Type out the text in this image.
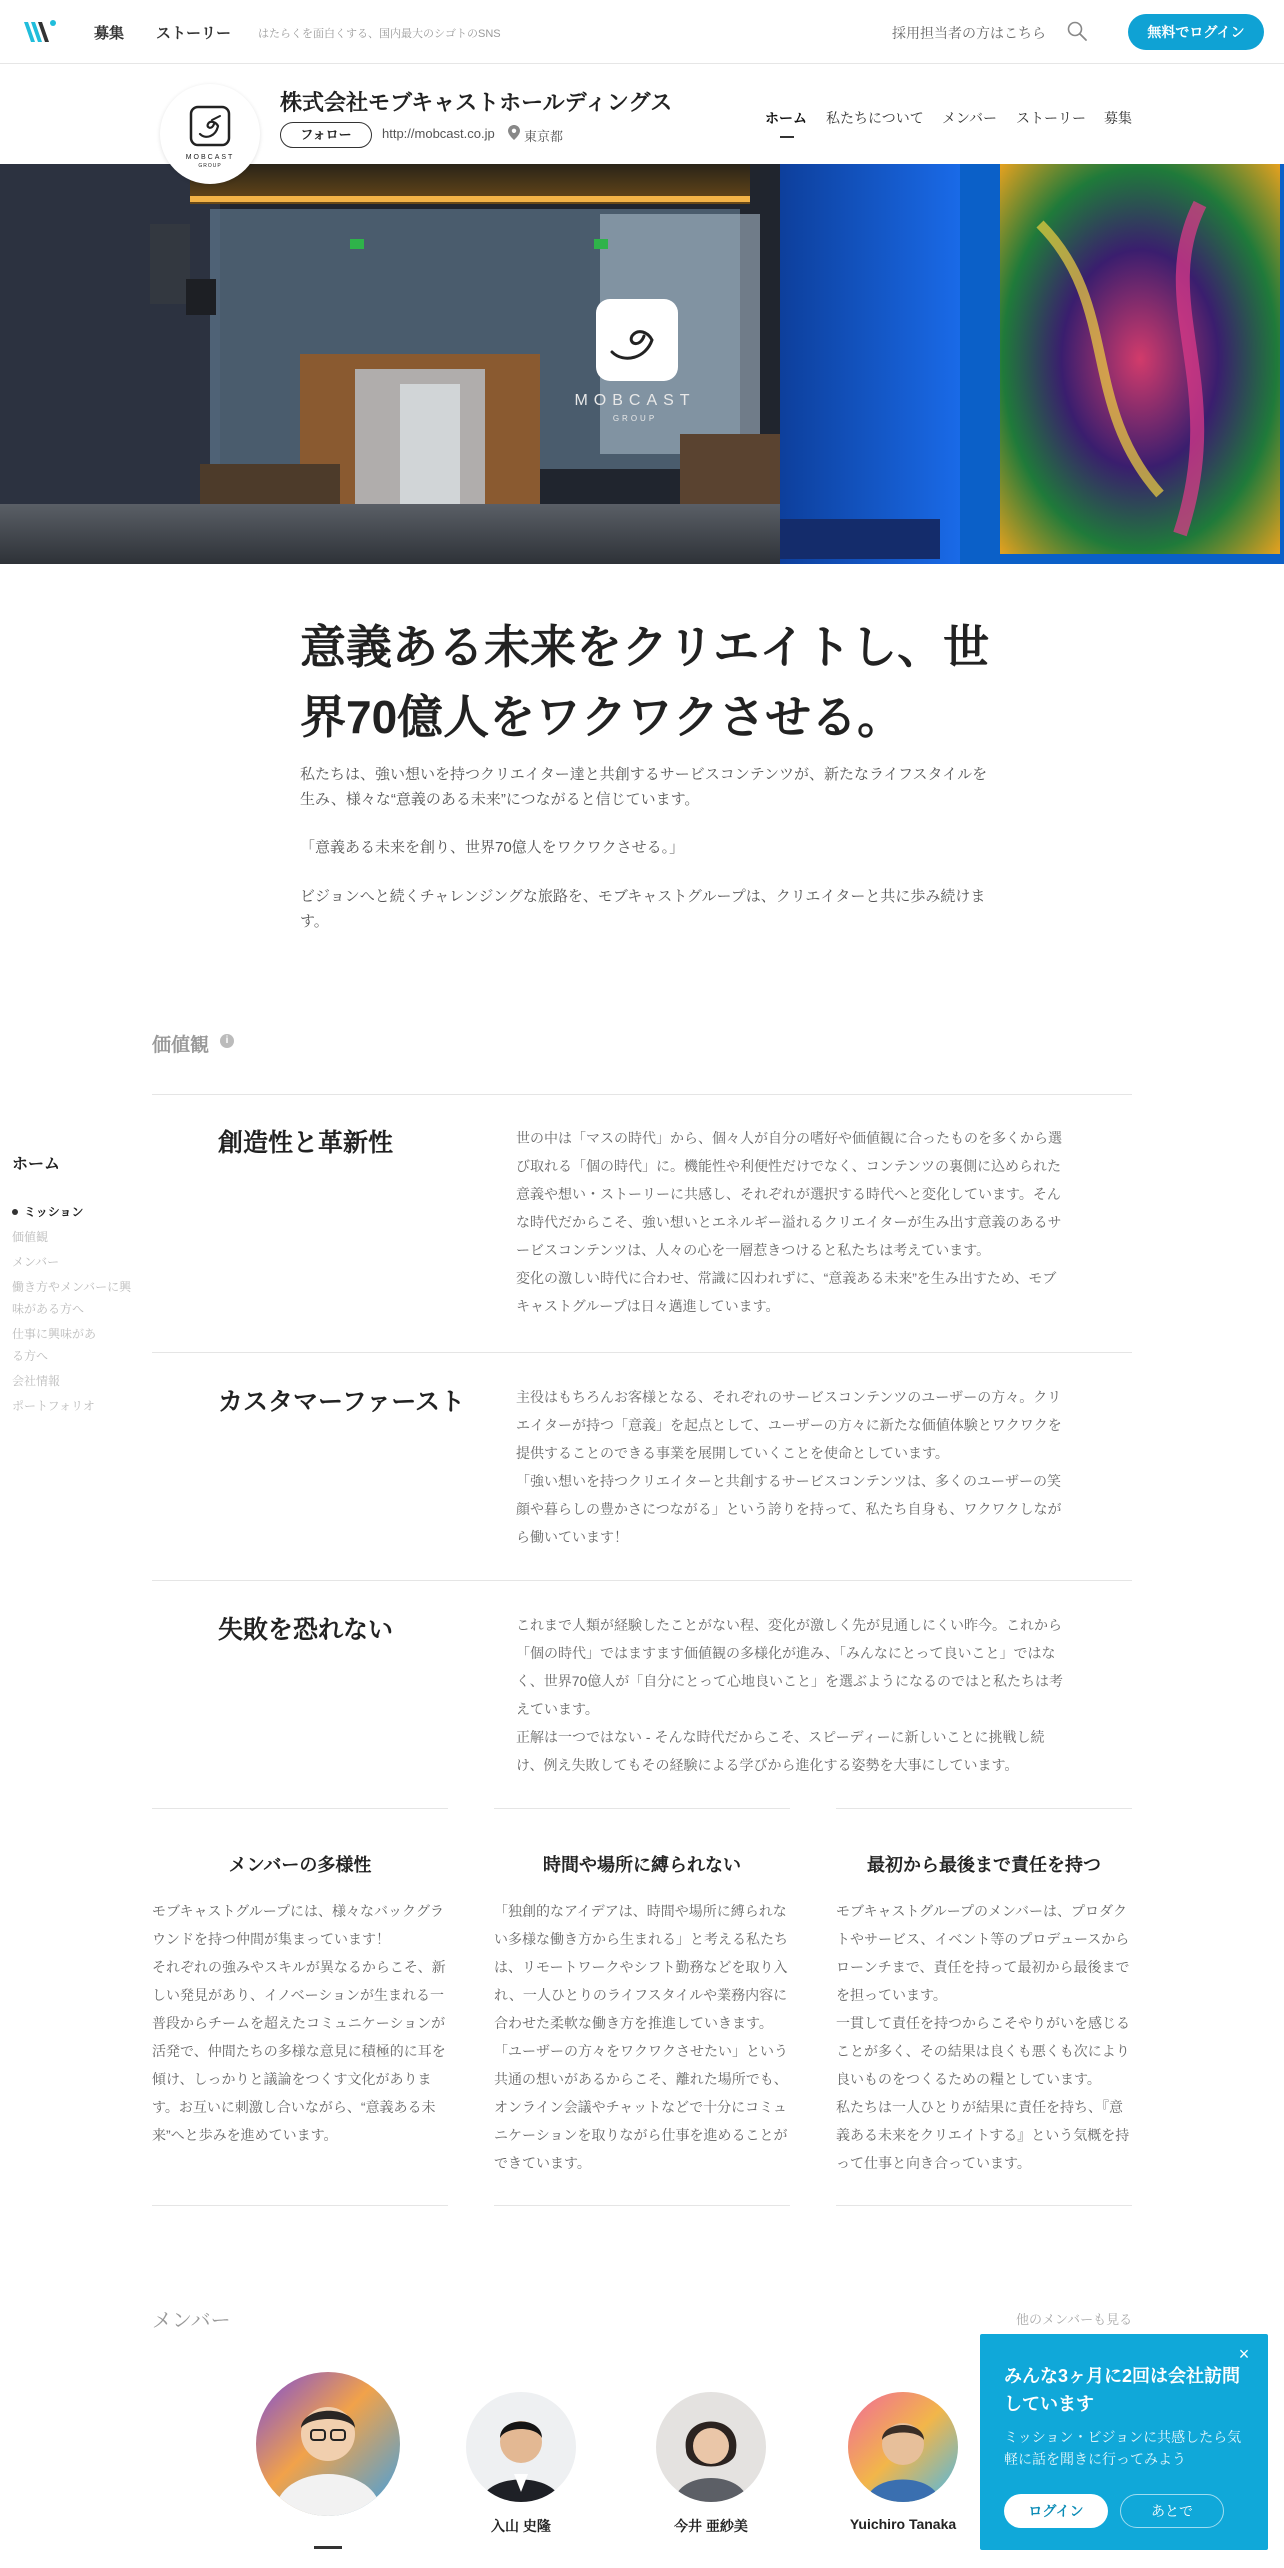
募集 ストーリー はたらくを面白くする、国内最大のシゴトのSNS	採用担当者の方はこちら	無料でログイン
MOBCAST
GROUP
株式会社モブキャストホールディングス
フォロー	http://mobcast.co.jp 東京都
ホーム 私たちについて メンバー ストーリー 募集
MOBCAST
GROUP
意義ある未来をクリエイトし、世界70億人をワクワクさせる。

私たちは、強い想いを持つクリエイター達と共創するサービスコンテンツが、新たなライフスタイルを生み、様々な“意義のある未来”につながると信じています。

「意義ある未来を創り、世界70億人をワクワクさせる。」

ビジョンへと続くチャレンジングな旅路を、モブキャストグループは、クリエイターと共に歩み続けます。

価値観	i
創造性と革新性	世の中は「マスの時代」から、個々人が自分の嗜好や価値観に合ったものを多くから選び取れる「個の時代」に。機能性や利便性だけでなく、コンテンツの裏側に込められた意義や想い・ストーリーに共感し、それぞれが選択する時代へと変化しています。そんな時代だからこそ、強い想いとエネルギー溢れるクリエイターが生み出す意義のあるサービスコンテンツは、人々の心を一層惹きつけると私たちは考えています。
変化の激しい時代に合わせ、常識に囚われずに、“意義ある未来”を生み出すため、モブキャストグループは日々邁進しています。
カスタマーファースト	主役はもちろんお客様となる、それぞれのサービスコンテンツのユーザーの方々。クリエイターが持つ「意義」を起点として、ユーザーの方々に新たな価値体験とワクワクを提供することのできる事業を展開していくことを使命としています。
「強い想いを持つクリエイターと共創するサービスコンテンツは、多くのユーザーの笑顔や暮らしの豊かさにつながる」という誇りを持って、私たち自身も、ワクワクしながら働いています！
失敗を恐れない	これまで人類が経験したことがない程、変化が激しく先が見通しにくい昨今。これから「個の時代」ではますます価値観の多様化が進み、「みんなにとって良いこと」ではなく、世界70億人が「自分にとって心地良いこと」を選ぶようになるのではと私たちは考えています。
正解は一つではない - そんな時代だからこそ、スピーディーに新しいことに挑戦し続け、例え失敗してもその経験による学びから進化する姿勢を大事にしています。
ホーム
ミッション
価値観
メンバー
働き方やメンバーに興味がある方へ
仕事に興味がある方へ
会社情報
ポートフォリオ
メンバーの多様性	時間や場所に縛られない	最初から最後まで責任を持つ
モブキャストグループには、様々なバックグラウンドを持つ仲間が集まっています！
それぞれの強みやスキルが異なるからこそ、新しい発見があり、イノベーションが生まれる一普段からチームを超えたコミュニケーションが活発で、仲間たちの多様な意見に積極的に耳を傾け、しっかりと議論をつくす文化があります。お互いに刺激し合いながら、“意義ある未来”へと歩みを進めています。
「独創的なアイデアは、時間や場所に縛られない多様な働き方から生まれる」と考える私たちは、リモートワークやシフト勤務などを取り入れ、一人ひとりのライフスタイルや業務内容に合わせた柔軟な働き方を推進していきます。
「ユーザーの方々をワクワクさせたい」という共通の想いがあるからこそ、離れた場所でも、オンライン会議やチャットなどで十分にコミュニケーションを取りながら仕事を進めることができています。
モブキャストグループのメンバーは、プロダクトやサービス、イベント等のプロデュースからローンチまで、責任を持って最初から最後までを担っています。
一貫して責任を持つからこそやりがいを感じることが多く、その結果は良くも悪くも次により良いものをつくるための糧としています。
私たちは一人ひとりが結果に責任を持ち、『意義ある未来をクリエイトする』という気概を持って仕事と向き合っています。
メンバー	他のメンバーも見る
入山 史隆	今井 亜紗美	Yuichiro Tanaka
×
みんな3ヶ月に2回は会社訪問しています
ミッション・ビジョンに共感したら気軽に話を聞きに行ってみよう
ログイン	あとで
